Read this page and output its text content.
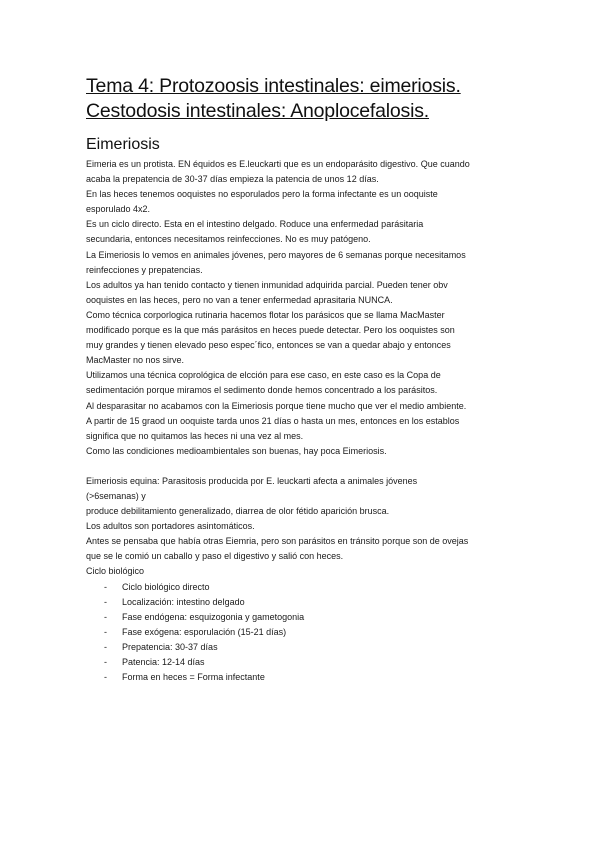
Tema 4: Protozoosis intestinales: eimeriosis.
Cestodosis intestinales: Anoplocefalosis.
Eimeriosis

Eimeria es un protista. EN équidos es E.leuckarti que es un endoparásito digestivo. Que cuando

acaba la prepatencia de 30-37 días empieza la patencia de unos 12 días.

En las heces tenemos ooquistes no esporulados pero la forma infectante es un ooquiste

esporulado 4x2.

Es un ciclo directo. Esta en el intestino delgado. Roduce una enfermedad parásitaria

secundaria, entonces necesitamos reinfecciones. No es muy patógeno.

La Eimeriosis lo vemos en animales jóvenes, pero mayores de 6 semanas porque necesitamos

reinfecciones y prepatencias.

Los adultos ya han tenido contacto y tienen inmunidad adquirida parcial. Pueden tener obv

ooquistes en las heces, pero no van a tener enfermedad aprasitaria NUNCA.

Como técnica corporlogica rutinaria hacemos flotar los parásicos que se llama MacMaster

modificado porque es la que más parásitos en heces puede detectar. Pero los ooquistes son

muy grandes y tienen elevado peso espec´fico, entonces se van a quedar abajo y entonces

MacMaster no nos sirve.

Utilizamos una técnica coprológica de elcción para ese caso, en este caso es la Copa de

sedimentación porque miramos el sedimento donde hemos concentrado a los parásitos.

Al desparasitar no acabamos con la Eimeriosis porque tiene mucho que ver el medio ambiente.

A partir de 15 graod un ooquiste tarda unos 21 días o hasta un mes, entonces en los establos

significa que no quitamos las heces ni una vez al mes.

Como las condiciones medioambientales son buenas, hay poca Eimeriosis.

Eimeriosis equina: Parasitosis producida por E. leuckarti afecta a animales jóvenes

(>6semanas) y

produce debilitamiento generalizado, diarrea de olor fétido aparición brusca.

Los adultos son portadores asintomáticos.

Antes se pensaba que había otras Eiemria, pero son parásitos en tránsito porque son de ovejas

que se le comió un caballo y paso el digestivo y salió con heces.

Ciclo biológico

- Ciclo biológico directo
- Localización: intestino delgado
- Fase endógena: esquizogonia y gametogonia
- Fase exógena: esporulación (15-21 días)
- Prepatencia: 30-37 días
- Patencia: 12-14 días
- Forma en heces = Forma infectante
